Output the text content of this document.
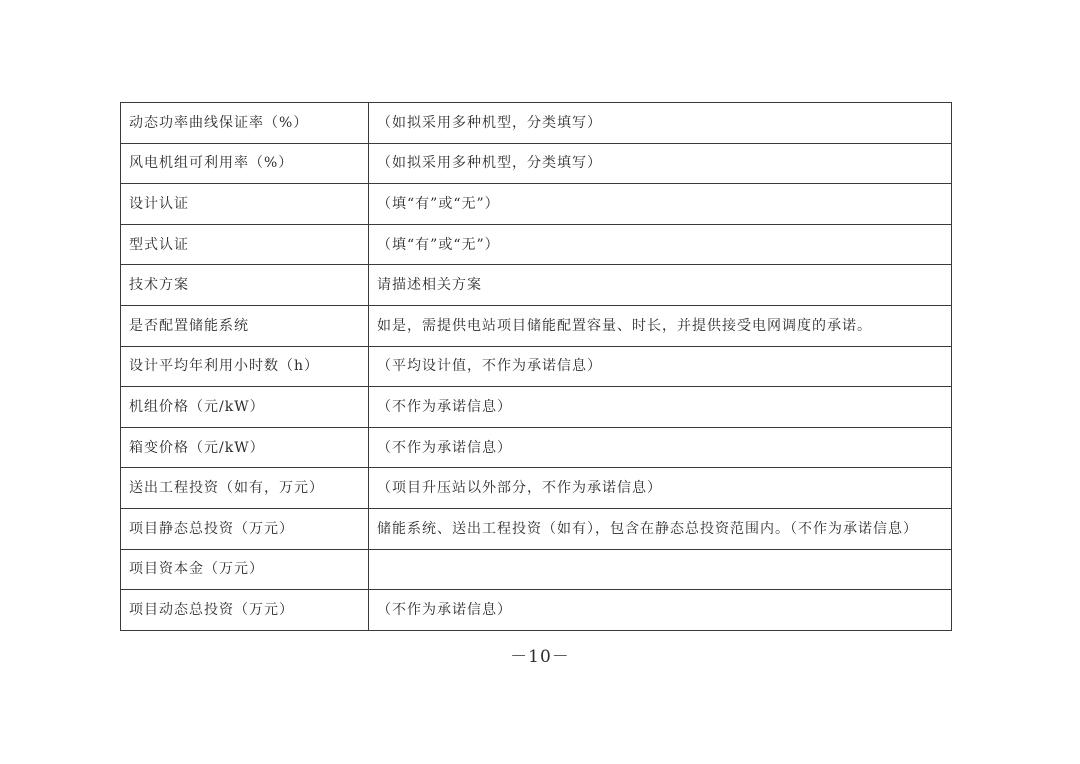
动态功率曲线保证率（%）	（如拟采用多种机型，分类填写）
风电机组可利用率（%）	（如拟采用多种机型，分类填写）
设计认证	（填“有”或“无”）
型式认证	（填“有”或“无”）
技术方案	请描述相关方案
是否配置储能系统	如是，需提供电站项目储能配置容量、时长，并提供接受电网调度的承诺。
设计平均年利用小时数（h）	（平均设计值，不作为承诺信息）
机组价格（元/kW）	（不作为承诺信息）
箱变价格（元/kW）	（不作为承诺信息）
送出工程投资（如有，万元）	（项目升压站以外部分，不作为承诺信息）
项目静态总投资（万元）	储能系统、送出工程投资（如有），包含在静态总投资范围内。（不作为承诺信息）
项目资本金（万元）	
项目动态总投资（万元）	（不作为承诺信息）
－10－
